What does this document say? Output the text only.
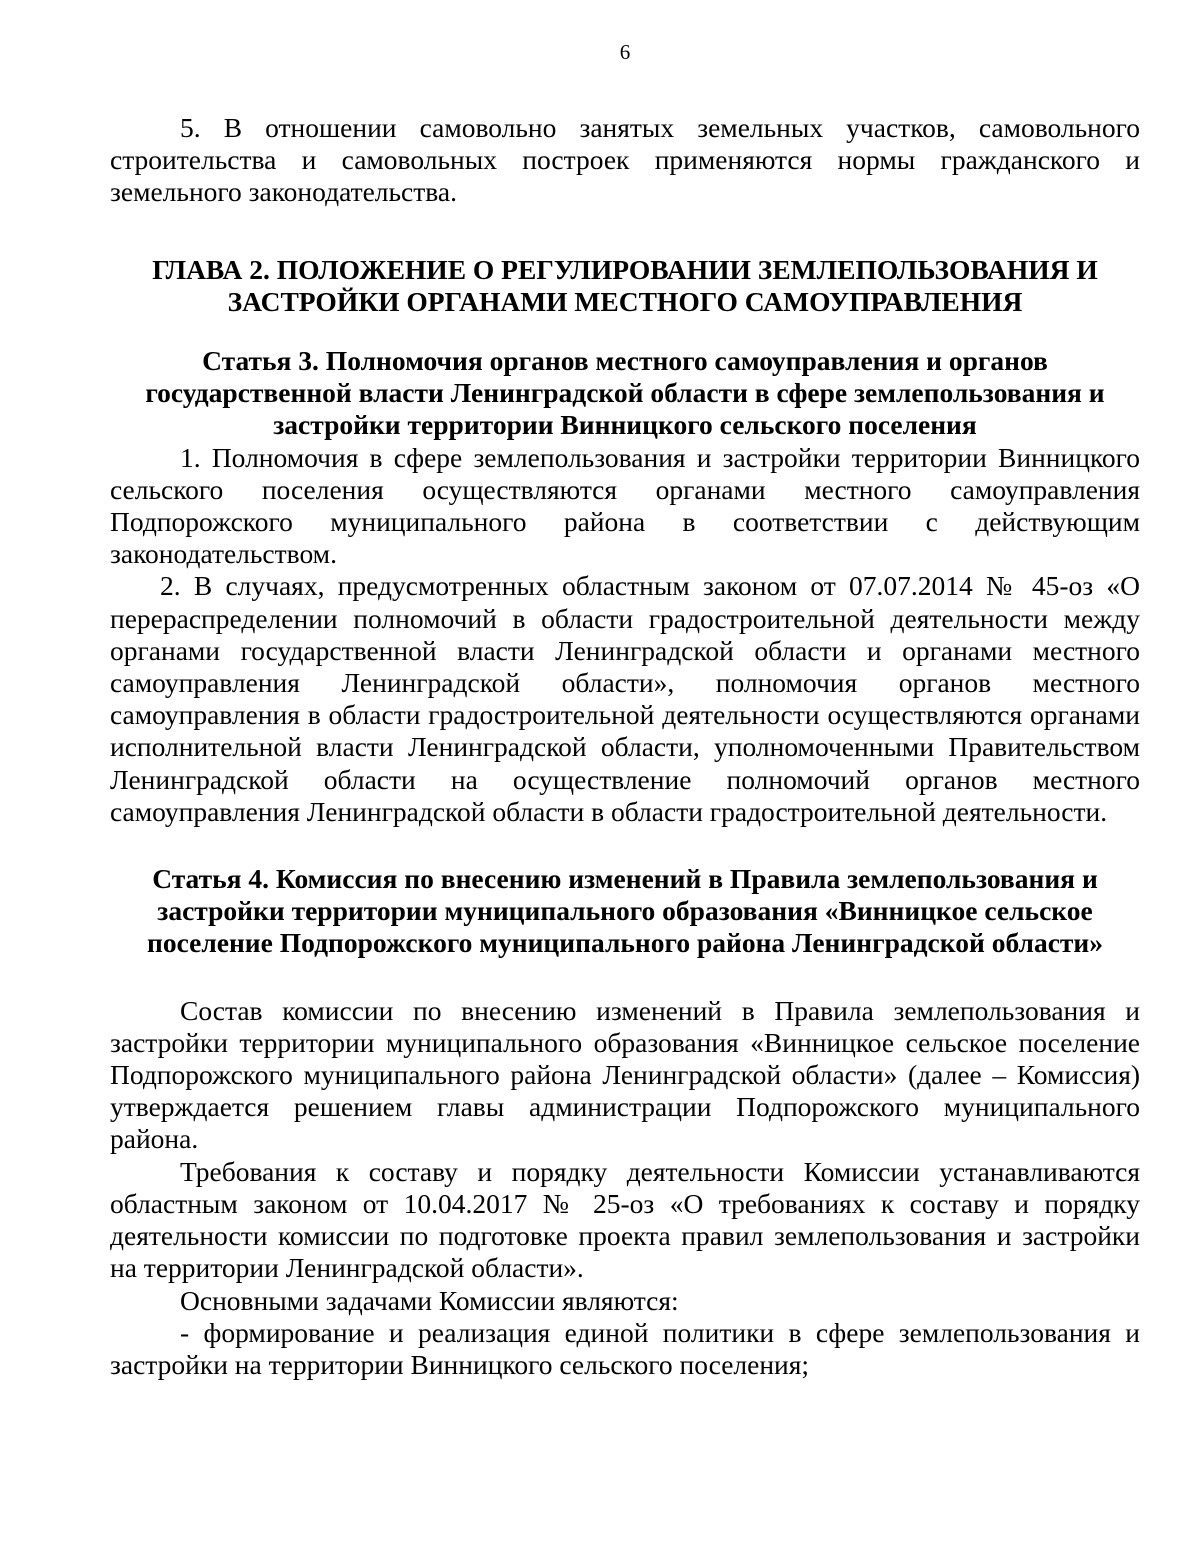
6

5. В отношении самовольно занятых земельных участков, самовольного строительства и самовольных построек применяются нормы гражданского и земельного законодательства.

ГЛАВА 2. ПОЛОЖЕНИЕ О РЕГУЛИРОВАНИИ ЗЕМЛЕПОЛЬЗОВАНИЯ И ЗАСТРОЙКИ ОРГАНАМИ МЕСТНОГО САМОУПРАВЛЕНИЯ
Статья 3. Полномочия органов местного самоуправления и органов государственной власти Ленинградской области в сфере землепользования и застройки территории Винницкого сельского поселения

1. Полномочия в сфере землепользования и застройки территории Винницкого сельского поселения осуществляются органами местного самоуправления Подпорожского муниципального района в соответствии с действующим законодательством.

2. В случаях, предусмотренных областным законом от 07.07.2014 № 45-оз «О перераспределении полномочий в области градостроительной деятельности между органами государственной власти Ленинградской области и органами местного самоуправления Ленинградской области», полномочия органов местного самоуправления в области градостроительной деятельности осуществляются органами исполнительной власти Ленинградской области, уполномоченными Правительством Ленинградской области на осуществление полномочий органов местного самоуправления Ленинградской области в области градостроительной деятельности.

Статья 4. Комиссия по внесению изменений в Правила землепользования и застройки территории муниципального образования «Винницкое сельское поселение Подпорожского муниципального района Ленинградской области»

Состав комиссии по внесению изменений в Правила землепользования и застройки территории муниципального образования «Винницкое сельское поселение Подпорожского муниципального района Ленинградской области» (далее – Комиссия) утверждается решением главы администрации Подпорожского муниципального района.

Требования к составу и порядку деятельности Комиссии устанавливаются областным законом от 10.04.2017 № 25-оз «О требованиях к составу и порядку деятельности комиссии по подготовке проекта правил землепользования и застройки на территории Ленинградской области».

Основными задачами Комиссии являются:

- формирование и реализация единой политики в сфере землепользования и застройки на территории Винницкого сельского поселения;
